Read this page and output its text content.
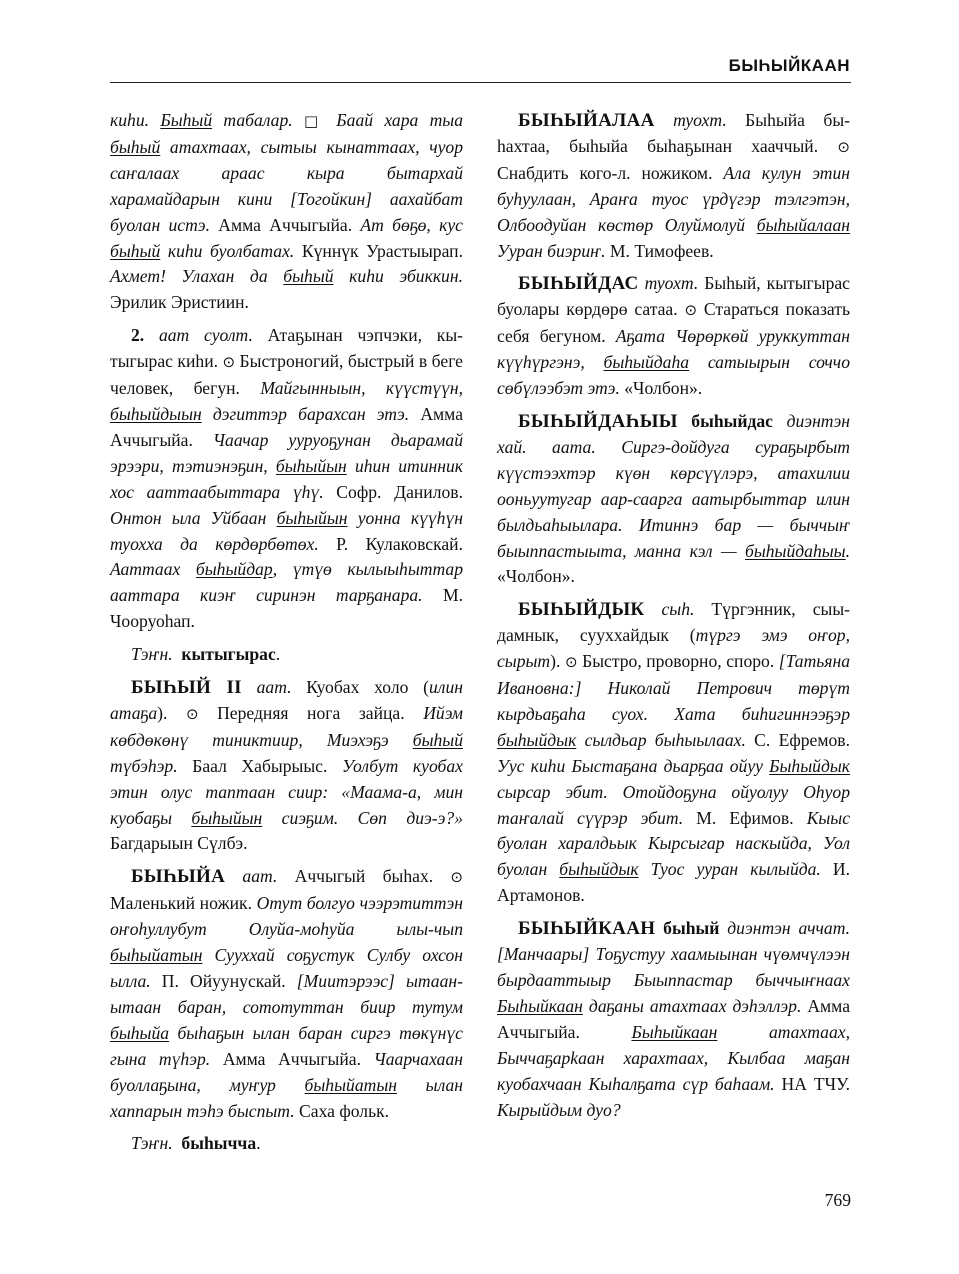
БЫҺЫЙКААН

киһи. Быһый табалар. □ Баай хара тыа быһый атахтаах, сытыы кынаттаах, чуор саҥалаах араас кыра бытархай харамайдарын кини [Тогойкин] аахайбат буолан истэ. Амма Аччыгыйа. Ат бөҕө, кус быһый киһи буолбатах. Күннүк Урастыырап. Ахмет! Улахан да быһый киһи эбиккин. Эрилик Эристиин.

2. аат суолт. Атаҕынан чэпчэки, кытыгырас киһи. ⊙ Быстроногий, быстрый в беге человек, бегун. Майгынныын, күүстүүн, быһыйдыын дэгиттэр барахсан этэ. Амма Аччыгыйа. Чаачар ууруоҕунан дьарамай эрээри, тэтиэнэҕин, быһыйын иһин итинник хос ааттаабыттара үһү. Софр. Данилов. Онтон ыла Уйбаан быһыйын уонна күүһүн туохха да көрдөрбөтөх. Р. Кулаковскай. Ааттаах быһыйдар, үтүө кылыыһыттар ааттара киэҥ сиринэн тарҕанара. М. Чооруоһап.

Тэҥн. кытыгырас.

БЫҺЫЙ II аат. Куобах холо (илин атаҕа). ⊙ Передняя нога зайца. Ийэм көбдөкөнү тиниктиир, Миэхэҕэ быһый түбэһэр. Баал Хабырыыс. Уолбут куобах этин олус таптаан сиир: «Маама-а, мин куобаҕы быһыйын сиэҕим. Сөп диэ-э?» Багдарыын Сүлбэ.

БЫҺЫЙА аат. Аччыгый быһах. ⊙ Маленький ножик. Отут болгуо чээрэтиттэн оҥоһуллубут Олуйа-моһуйа ылы-чып быһыйатын Сууххай соҕустук Сулбу охсон ылла. П. Ойуунускай. [Миитэрээс] ытаан-ытаан баран, сототуттан биир тутум быһыйа быһаҕын ылан баран сиргэ төкүнүс гына түһэр. Амма Аччыгыйа. Чаарчахаан буоллаҕына, муҥур быһыйатын ылан хаппарын тэһэ быспыт. Саха фольк.

Тэҥн. быһычча.

БЫҺЫЙАЛАА туохт. Быһыйа быһахтаа, быһыйа быһаҕынан хааччый. ⊙ Снабдить кого-л. ножиком. Ала кулун этин буһуулаан, Араҥа туос үрдүгэр тэлгэтэн, Олбоодуйан көстөр Олуймолуй быһыйалаан Ууран биэриҥ. М. Тимофеев.

БЫҺЫЙДАС туохт. Быһый, кытыгырас буолары көрдөрө сатаа. ⊙ Стараться показать себя бегуном. Аҕата Чөрөркөй уруккуттан күүһүргэнэ, быһыйдаһа сатыырын соччо сөбүлээбэт этэ. «Чолбон».

БЫҺЫЙДАҺЫЫ быһыйдас диэнтэн хай. аата. Сиргэ-дойдуга сураҕырбыт күүстээхтэр күөн көрсүүлэрэ, атахилии ооньуутугар аар-саарга аатырбыттар илин былдьаһыылара. Итиннэ бар — быччыҥ быыппастыыта, манна кэл — быһыйдаһыы. «Чолбон».

БЫҺЫЙДЫК сыһ. Түргэнник, сыыдамнык, сууххайдык (түргэ эмэ оҥор, сырыт). ⊙ Быстро, проворно, споро. [Татьяна Ивановна:] Николай Петрович төрүт кырдьаҕаһа суох. Хата биһигиннээҕэр быһыйдык сылдьар быһыылаах. С. Ефремов. Уус киһи Быстаҕана дьарҕаа ойуу Быһыйдык сырсар эбит. Отойдоҕуна ойуолуу Оһуор таҥалай сүүрэр эбит. М. Ефимов. Кыыс буолан харалдьык Кырсыгар наскыйда, Уол буолан быһыйдык Туос ууран кылыйда. И. Артамонов.

БЫҺЫЙКААН быһый диэнтэн аччат. [Манчаары] Тоҕустуу хаамыынан чүөмчүлээн бырдааттыыр Быыппастар быччыҥнаах Быһыйкаан даҕаны атахтаах дэһэллэр. Амма Аччыгыйа. Быһыйкаан атахтаах, Быччаҕарkаан харахтаах, Кылбаа маҕан куобахчаан Кыһалҕата сүр баһаам. НА ТЧУ. Кырыйдым дуо?

769
